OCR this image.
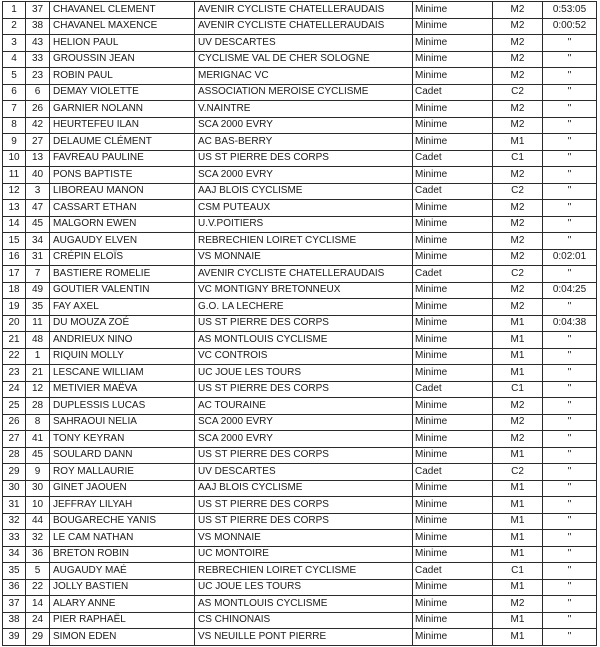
1	37	CHAVANEL CLEMENT	AVENIR CYCLISTE CHATELLERAUDAIS	Minime	M2	0:53:05
2	38	CHAVANEL MAXENCE	AVENIR CYCLISTE CHATELLERAUDAIS	Minime	M2	0:00:52
3	43	HELION PAUL	UV DESCARTES	Minime	M2	"
4	33	GROUSSIN JEAN	CYCLISME VAL DE CHER SOLOGNE	Minime	M2	"
5	23	ROBIN PAUL	MERIGNAC VC	Minime	M2	"
6	6	DEMAY VIOLETTE	ASSOCIATION MEROISE CYCLISME	Cadet	C2	"
7	26	GARNIER NOLANN	V.NAINTRE	Minime	M2	"
8	42	HEURTEFEU ILAN	SCA 2000 EVRY	Minime	M2	"
9	27	DELAUME CLÉMENT	AC BAS-BERRY	Minime	M1	"
10	13	FAVREAU PAULINE	US ST PIERRE DES CORPS	Cadet	C1	"
11	40	PONS BAPTISTE	SCA 2000 EVRY	Minime	M2	"
12	3	LIBOREAU MANON	AAJ BLOIS CYCLISME	Cadet	C2	"
13	47	CASSART ETHAN	CSM PUTEAUX	Minime	M2	"
14	45	MALGORN EWEN	U.V.POITIERS	Minime	M2	"
15	34	AUGAUDY ELVEN	REBRECHIEN LOIRET CYCLISME	Minime	M2	"
16	31	CRÉPIN ELOÏS	VS MONNAIE	Minime	M2	0:02:01
17	7	BASTIERE ROMELIE	AVENIR CYCLISTE CHATELLERAUDAIS	Cadet	C2	"
18	49	GOUTIER VALENTIN	VC MONTIGNY BRETONNEUX	Minime	M2	0:04:25
19	35	FAY AXEL	G.O. LA LECHERE	Minime	M2	"
20	11	DU MOUZA ZOÉ	US ST PIERRE DES CORPS	Minime	M1	0:04:38
21	48	ANDRIEUX NINO	AS MONTLOUIS CYCLISME	Minime	M1	"
22	1	RIQUIN MOLLY	VC CONTROIS	Minime	M1	"
23	21	LESCANE WILLIAM	UC JOUE LES TOURS	Minime	M1	"
24	12	METIVIER MAËVA	US ST PIERRE DES CORPS	Cadet	C1	"
25	28	DUPLESSIS LUCAS	AC TOURAINE	Minime	M2	"
26	8	SAHRAOUI NELIA	SCA 2000 EVRY	Minime	M2	"
27	41	TONY KEYRAN	SCA 2000 EVRY	Minime	M2	"
28	45	SOULARD DANN	US ST PIERRE DES CORPS	Minime	M1	"
29	9	ROY MALLAURIE	UV DESCARTES	Cadet	C2	"
30	30	GINET JAOUEN	AAJ BLOIS CYCLISME	Minime	M1	"
31	10	JEFFRAY LILYAH	US ST PIERRE DES CORPS	Minime	M1	"
32	44	BOUGARECHE YANIS	US ST PIERRE DES CORPS	Minime	M1	"
33	32	LE CAM NATHAN	VS MONNAIE	Minime	M1	"
34	36	BRETON ROBIN	UC MONTOIRE	Minime	M1	"
35	5	AUGAUDY MAÉ	REBRECHIEN LOIRET CYCLISME	Cadet	C1	"
36	22	JOLLY BASTIEN	UC JOUE LES TOURS	Minime	M1	"
37	14	ALARY ANNE	AS MONTLOUIS CYCLISME	Minime	M2	"
38	24	PIER RAPHAËL	CS CHINONAIS	Minime	M1	"
39	29	SIMON EDEN	VS NEUILLE PONT PIERRE	Minime	M1	"
